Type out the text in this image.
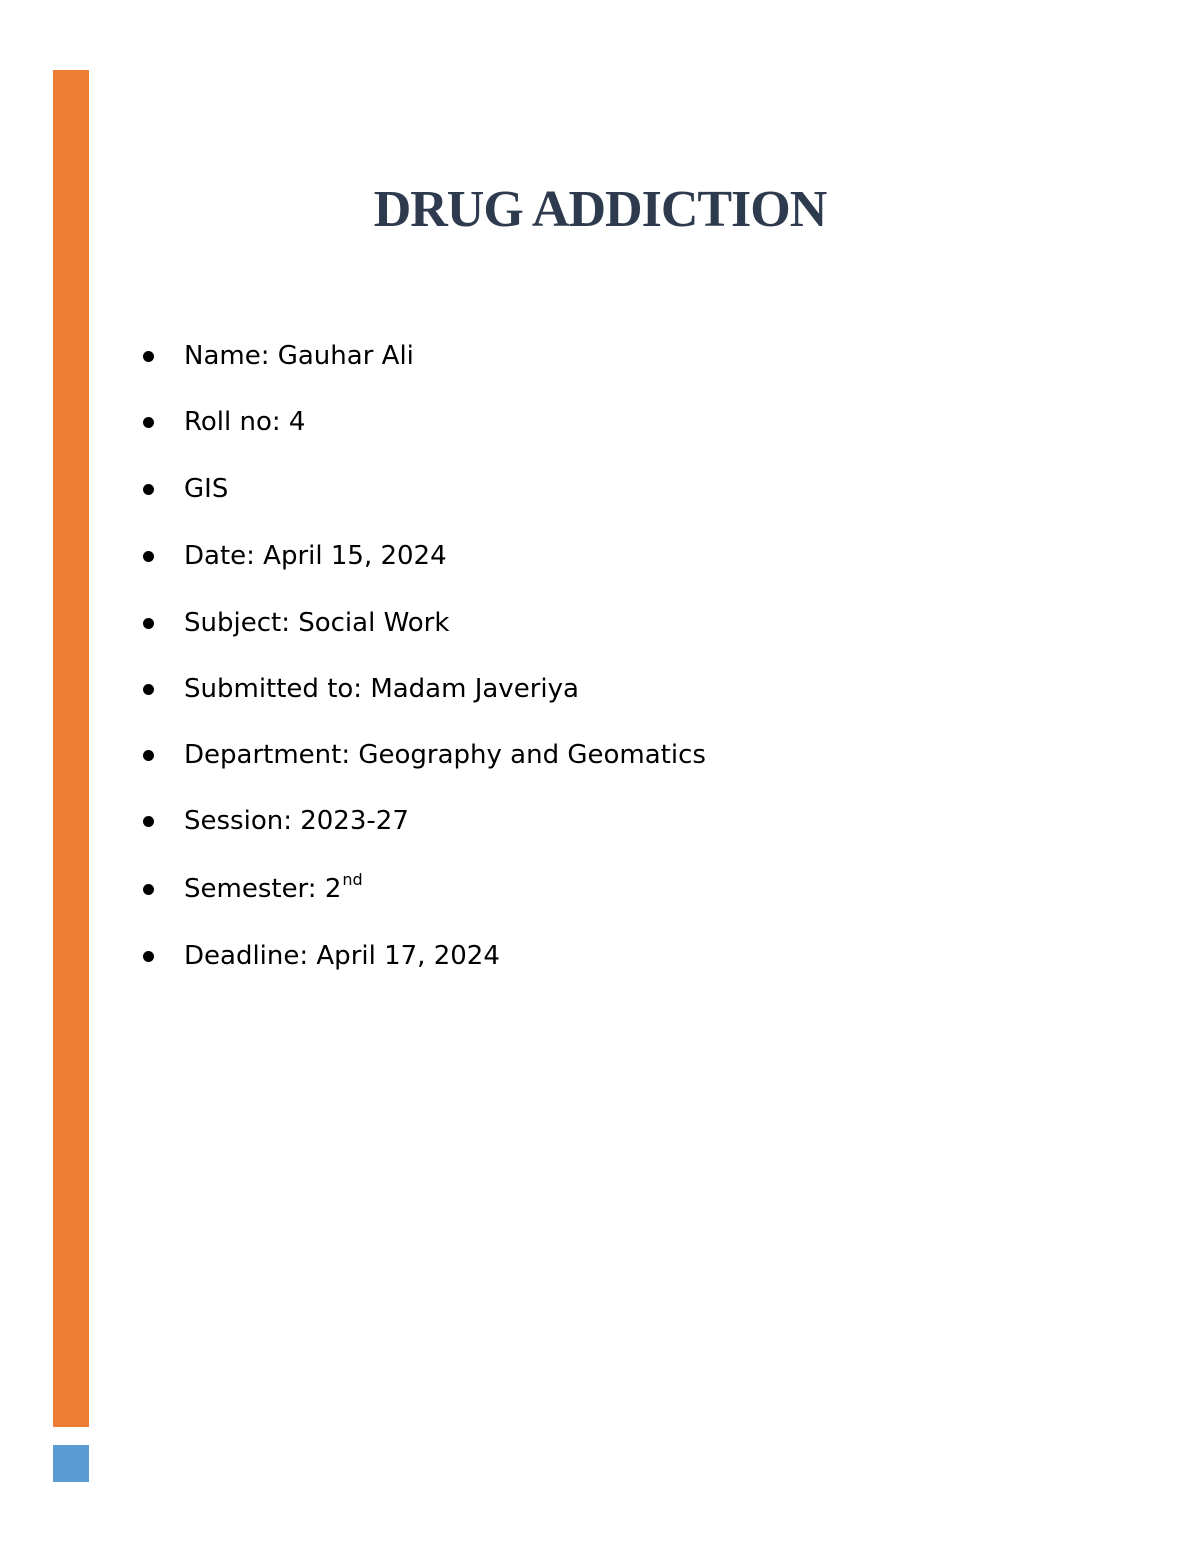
DRUG ADDICTION
Name: Gauhar Ali
Roll no: 4
GIS
Date: April 15, 2024
Subject: Social Work
Submitted to: Madam Javeriya
Department: Geography and Geomatics
Session: 2023-27
Semester: 2nd
Deadline: April 17, 2024
